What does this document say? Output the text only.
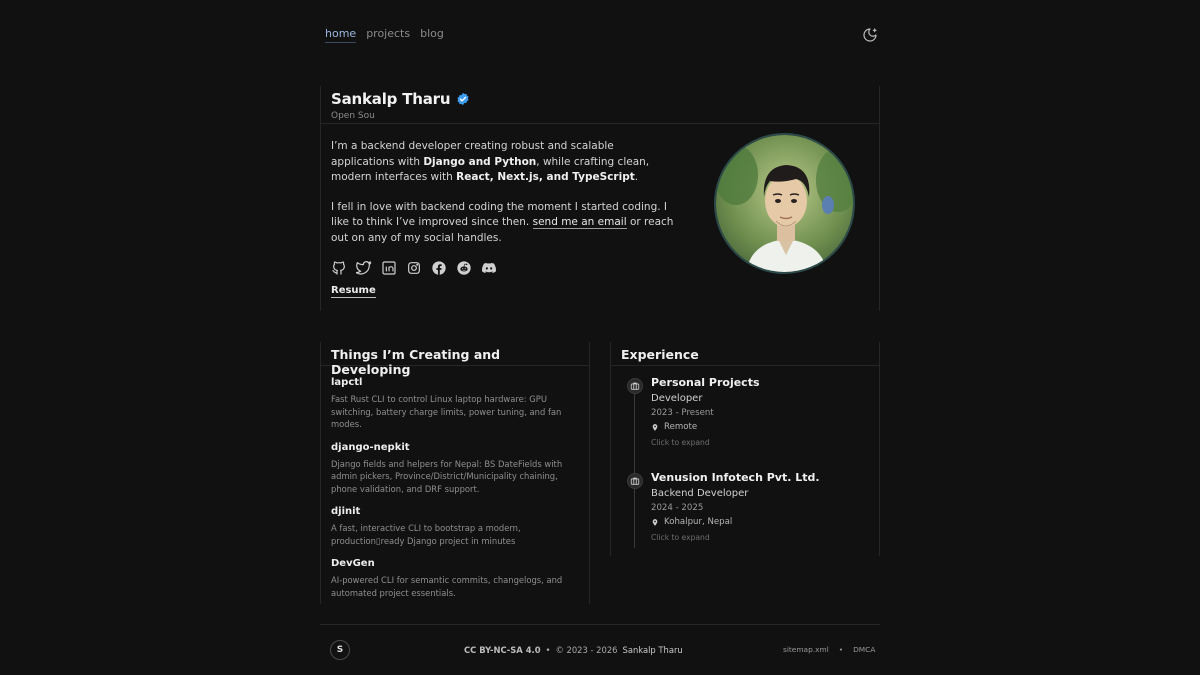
home projects blog
Sankalp Tharu
Open Sou

I’m a backend developer creating robust and scalable applications with Django and Python, while crafting clean, modern interfaces with React, Next.js, and TypeScript.

I fell in love with backend coding the moment I started coding. I like to think I’ve improved since then. send me an email or reach out on any of my social handles.

Resume
Things I’m Creating and Developing
lapctl
Fast Rust CLI to control Linux laptop hardware: GPU switching, battery charge limits, power tuning, and fan modes.
django-nepkit
Django fields and helpers for Nepal: BS DateFields with admin pickers, Province/District/Municipality chaining, phone validation, and DRF support.
djinit
A fast, interactive CLI to bootstrap a modern, production▯ready Django project in minutes
DevGen
AI-powered CLI for semantic commits, changelogs, and automated project essentials.
Experience
Personal Projects
Developer
2023 - Present
Remote
Click to expand
Venusion Infotech Pvt. Ltd.
Backend Developer
2024 - 2025
Kohalpur, Nepal
Click to expand
S	CC BY-NC-SA 4.0 • © 2023 - 2026 Sankalp Tharu	sitemap.xml • DMCA
